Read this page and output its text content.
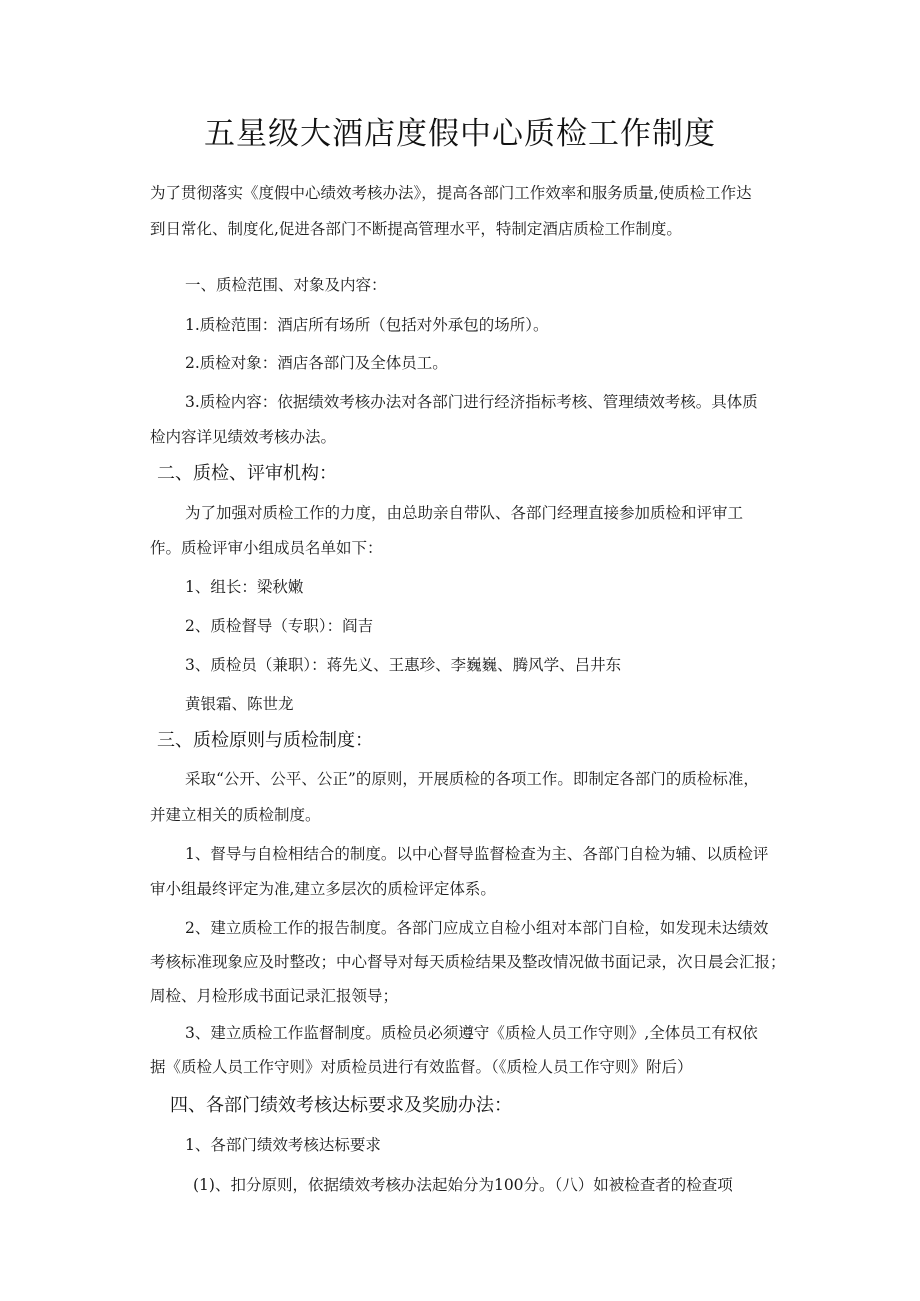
五星级大酒店度假中心质检工作制度
为了贯彻落实《度假中心绩效考核办法》，提高各部门工作效率和服务质量,使质检工作达
到日常化、制度化,促进各部门不断提高管理水平，特制定酒店质检工作制度。
一、质检范围、对象及内容：
1.质检范围：酒店所有场所（包括对外承包的场所）。
2.质检对象：酒店各部门及全体员工。
3.质检内容：依据绩效考核办法对各部门进行经济指标考核、管理绩效考核。具体质
检内容详见绩效考核办法。
二、质检、评审机构：
为了加强对质检工作的力度，由总助亲自带队、各部门经理直接参加质检和评审工
作。质检评审小组成员名单如下：
1、组长：梁秋嫩
2、质检督导（专职）：阎吉
3、质检员（兼职）：蒋先义、王惠珍、李巍巍、腾风学、吕井东
黄银霜、陈世龙
三、质检原则与质检制度：
采取“公开、公平、公正”的原则，开展质检的各项工作。即制定各部门的质检标准，
并建立相关的质检制度。
1、督导与自检相结合的制度。以中心督导监督检查为主、各部门自检为辅、以质检评
审小组最终评定为准,建立多层次的质检评定体系。
2、建立质检工作的报告制度。各部门应成立自检小组对本部门自检，如发现未达绩效
考核标准现象应及时整改；中心督导对每天质检结果及整改情况做书面记录，次日晨会汇报；
周检、月检形成书面记录汇报领导；
3、建立质检工作监督制度。质检员必须遵守《质检人员工作守则》,全体员工有权依
据《质检人员工作守则》对质检员进行有效监督。（《质检人员工作守则》附后）
四、各部门绩效考核达标要求及奖励办法：
1、各部门绩效考核达标要求
(1)、扣分原则，依据绩效考核办法起始分为100分。（八）如被检查者的检查项
